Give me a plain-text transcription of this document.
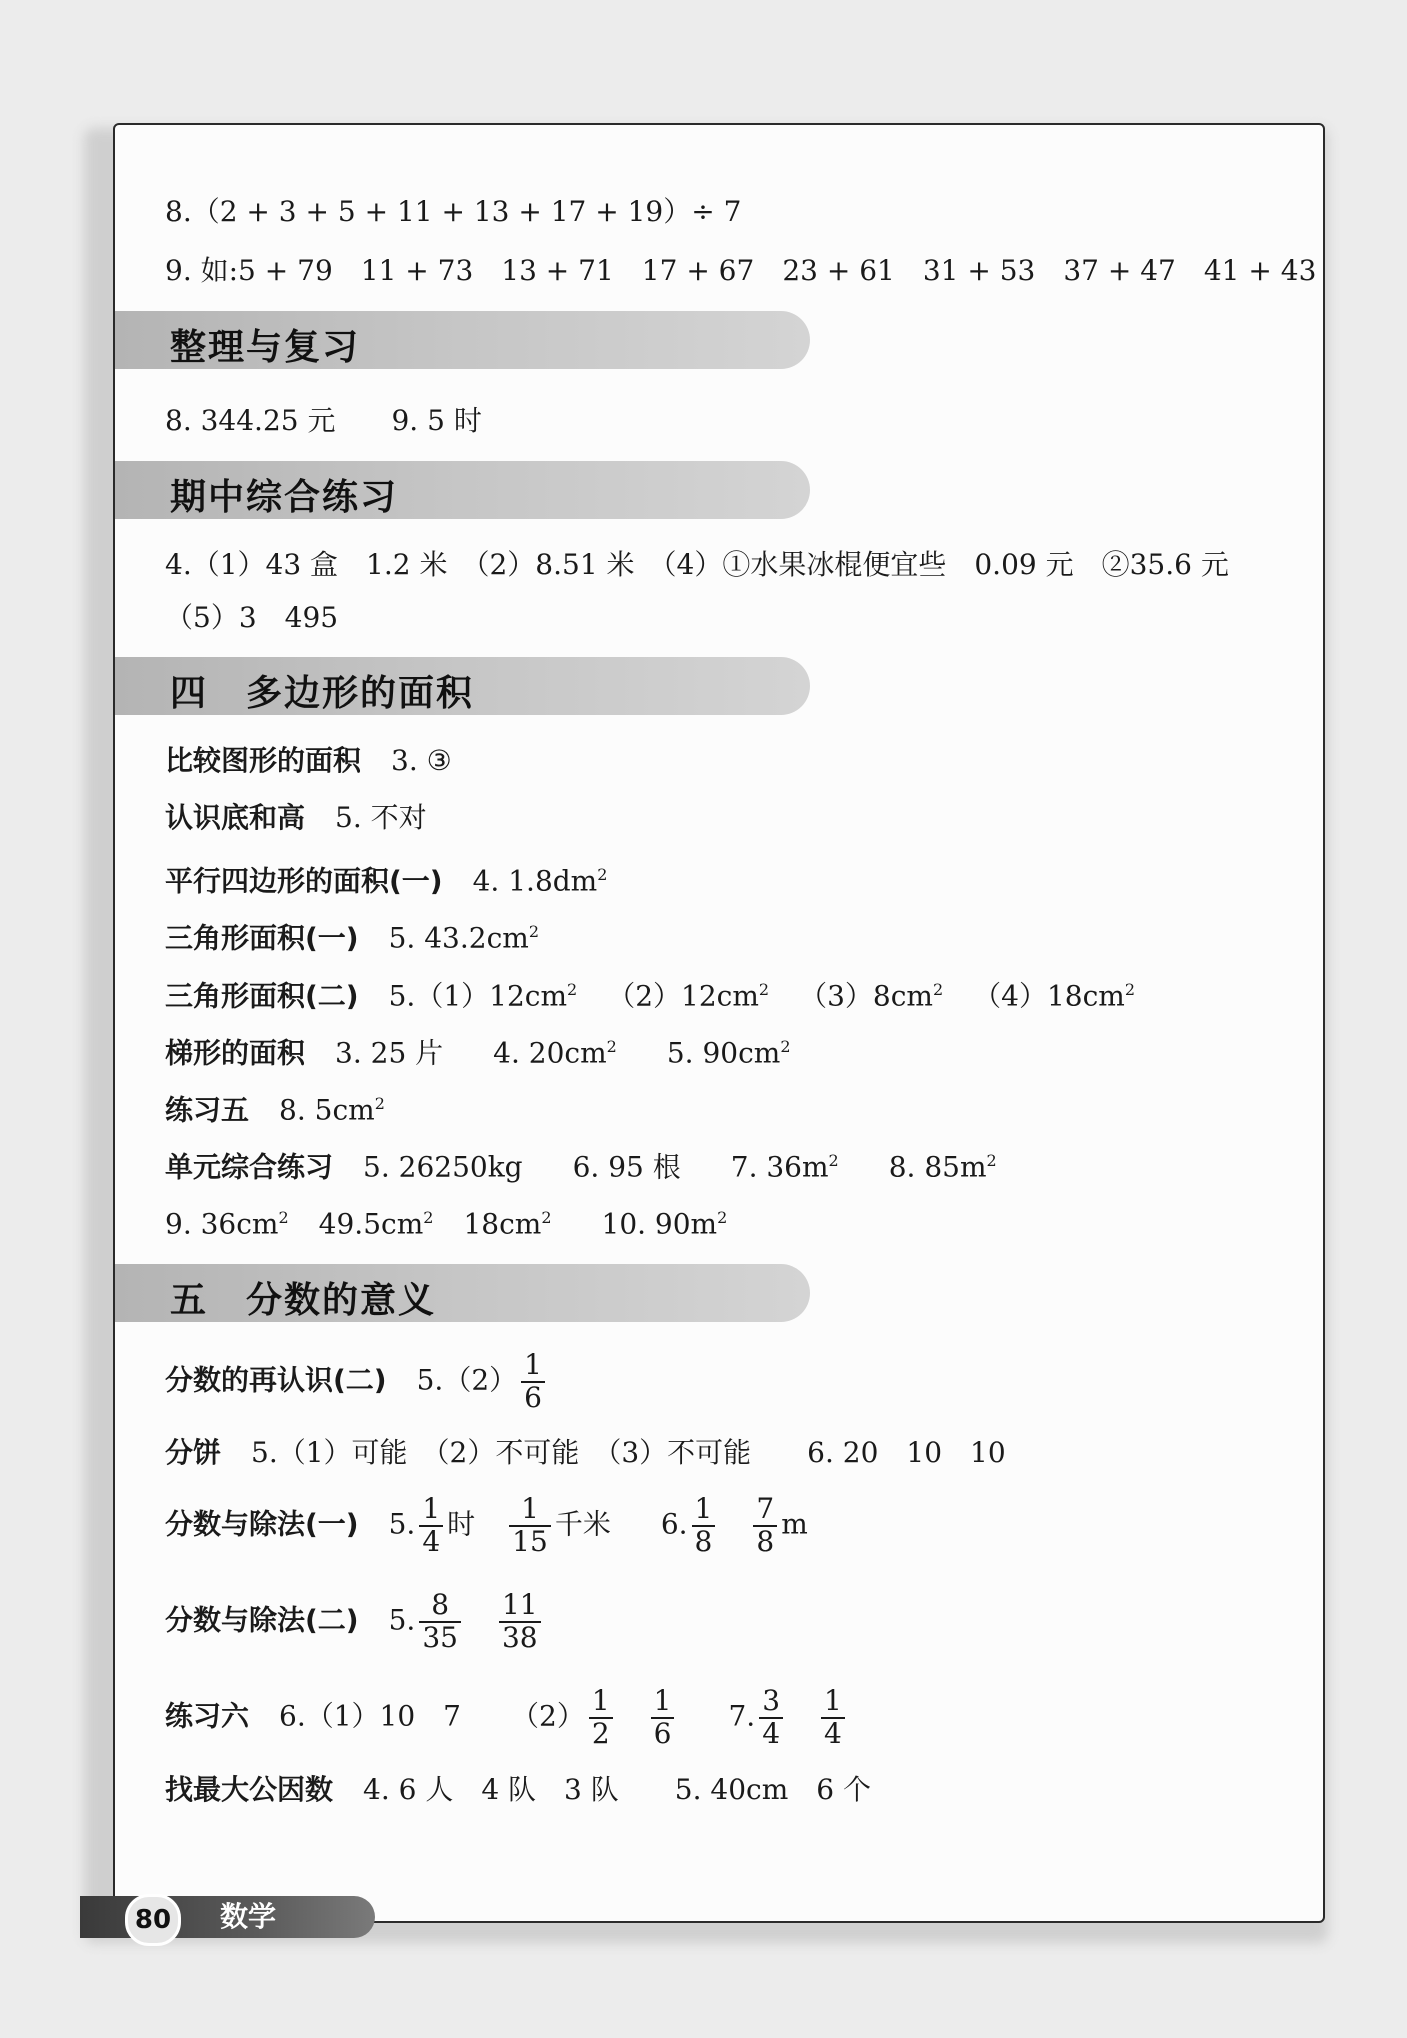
8.（2 + 3 + 5 + 11 + 13 + 17 + 19）÷ 7
9. 如:5 + 79　11 + 73　13 + 71　17 + 67　23 + 61　31 + 53　37 + 47　41 + 43
整理与复习
8. 344.25 元　　9. 5 时
期中综合练习
4.（1）43 盒　1.2 米　（2）8.51 米　（4）①水果冰棍便宜些　0.09 元　②35.6 元
（5）3　495
四　多边形的面积
比较图形的面积 3. ③
认识底和高 5. 不对
平行四边形的面积(一) 4. $1.8dm^2$
三角形面积(一) 5. $43.2cm^2$
三角形面积(二) $5.(1)12cm^2$ $(2)12cm^2$ $(3)8cm^2$ $(4)18cm^2$
梯形的面积 3. 25 片 4. $20cm^2$ 5. $90cm^2$
练习五 8. $5cm^2$
单元综合练习 5. 26250kg 6. 95 根 7. $36m^2$ 8. $85m^2$
9. $36cm^2$ $49.5cm^2$ $18cm^2$ 10. $90m^2$
五　分数的意义
分数的再认识(二) $5.(2) \frac{1}{6}$
分饼 5.（1）可能　（2）不可能　（3）不可能　　6. 20　10　10
分数与除法(一) 5. $\frac{1}{4}$ 时 $\frac{1}{15}$ 千米 6. $\frac{1}{8} \frac{7}{8}$ m
分数与除法(二) 5. $\frac{8}{35} \frac{11}{38}$
练习六 6.（1）10　7 $(2) \frac{1}{2} \frac{1}{6} 7$. $\frac{3}{4} \frac{1}{4}$
找最大公因数 4. 6 人　4 队　3 队　　5. 40cm　6 个
80	数学
